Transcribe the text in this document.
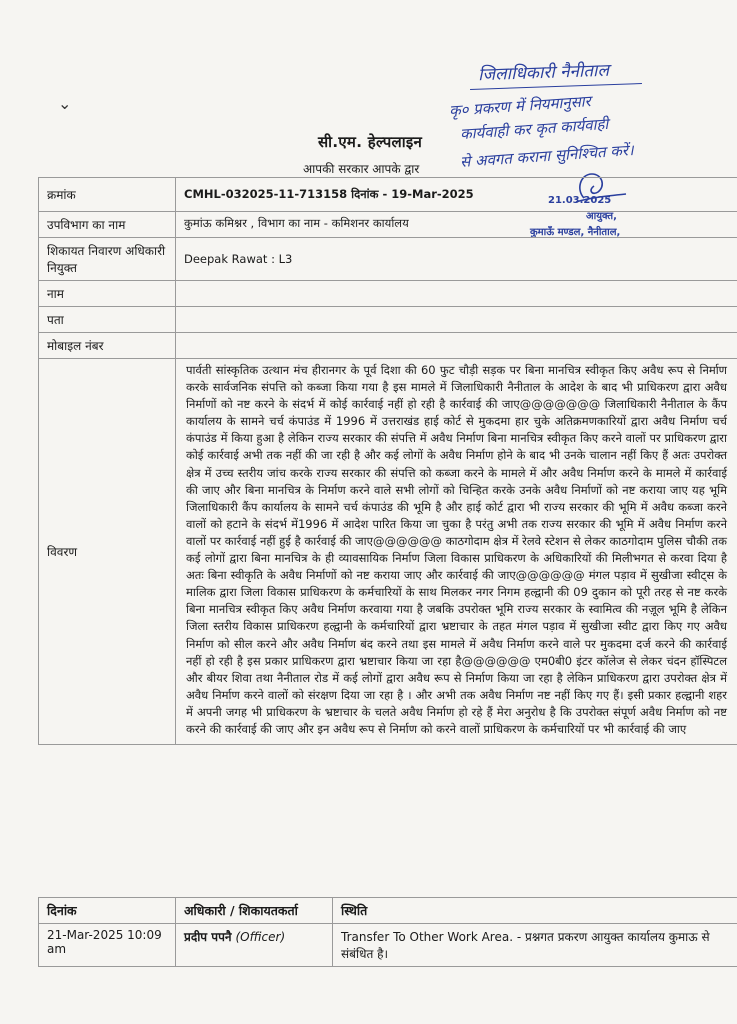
⌄
जिलाधिकारी नैनीताल
कृ० प्रकरण में नियमानुसार
कार्यवाही कर कृत कार्यवाही
से अवगत कराना सुनिश्चित करें।
21.03.2025
आयुक्त,
कुमाऊँ मण्डल, नैनीताल,
सी.एम. हेल्पलाइन
आपकी सरकार आपके द्वार
क्रमांक	CMHL-032025-11-713158 दिनांक - 19-Mar-2025
उपविभाग का नाम	कुमांऊ कमिश्नर , विभाग का नाम - कमिशनर कार्यालय
शिकायत निवारण अधिकारी नियुक्त	Deepak Rawat : L3
नाम	
पता	
मोबाइल नंबर	
विवरण	पार्वती सांस्कृतिक उत्थान मंच हीरानगर के पूर्व दिशा की 60 फुट चौड़ी सड़क पर बिना मानचित्र स्वीकृत किए अवैध रूप से निर्माण करके सार्वजनिक संपत्ति को कब्जा किया गया है इस मामले में जिलाधिकारी नैनीताल के आदेश के बाद भी प्राधिकरण द्वारा अवैध निर्माणों को नष्ट करने के संदर्भ में कोई कार्रवाई नहीं हो रही है कार्रवाई की जाए@@@@@@@ जिलाधिकारी नैनीताल के कैंप कार्यालय के सामने चर्च कंपाउंड में 1996 में उत्तराखंड हाई कोर्ट से मुकदमा हार चुके अतिक्रमणकारियों द्वारा अवैध निर्माण चर्च कंपाउंड में किया हुआ है लेकिन राज्य सरकार की संपत्ति में अवैध निर्माण बिना मानचित्र स्वीकृत किए करने वालों पर प्राधिकरण द्वारा कोई कार्रवाई अभी तक नहीं की जा रही है और कई लोगों के अवैध निर्माण होने के बाद भी उनके चालान नहीं किए हैं अतः उपरोक्त क्षेत्र में उच्च स्तरीय जांच करके राज्य सरकार की संपत्ति को कब्जा करने के मामले में और अवैध निर्माण करने के मामले में कार्रवाई की जाए और बिना मानचित्र के निर्माण करने वाले सभी लोगों को चिन्हित करके उनके अवैध निर्माणों को नष्ट कराया जाए यह भूमि जिलाधिकारी कैंप कार्यालय के सामने चर्च कंपाउंड की भूमि है और हाई कोर्ट द्वारा भी राज्य सरकार की भूमि में अवैध कब्जा करने वालों को हटाने के संदर्भ में1996 में आदेश पारित किया जा चुका है परंतु अभी तक राज्य सरकार की भूमि में अवैध निर्माण करने वालों पर कार्रवाई नहीं हुई है कार्रवाई की जाए@@@@@@ काठगोदाम क्षेत्र में रेलवे स्टेशन से लेकर काठगोदाम पुलिस चौकी तक कई लोगों द्वारा बिना मानचित्र के ही व्यावसायिक निर्माण जिला विकास प्राधिकरण के अधिकारियों की मिलीभगत से करवा दिया है अतः बिना स्वीकृति के अवैध निर्माणों को नष्ट कराया जाए और कार्रवाई की जाए@@@@@@ मंगल पड़ाव में सुखीजा स्वीट्स के मालिक द्वारा जिला विकास प्राधिकरण के कर्मचारियों के साथ मिलकर नगर निगम हल्द्वानी की 09 दुकान को पूरी तरह से नष्ट करके बिना मानचित्र स्वीकृत किए अवैध निर्माण करवाया गया है जबकि उपरोक्त भूमि राज्य सरकार के स्वामित्व की नज़ूल भूमि है लेकिन जिला स्तरीय विकास प्राधिकरण हल्द्वानी के कर्मचारियों द्वारा भ्रष्टाचार के तहत मंगल पड़ाव में सुखीजा स्वीट द्वारा किए गए अवैध निर्माण को सील करने और अवैध निर्माण बंद करने तथा इस मामले में अवैध निर्माण करने वाले पर मुकदमा दर्ज करने की कार्रवाई नहीं हो रही है इस प्रकार प्राधिकरण द्वारा भ्रष्टाचार किया जा रहा है@@@@@@ एम0बी0 इंटर कॉलेज से लेकर चंदन हॉस्पिटल और बीयर शिवा तथा नैनीताल रोड में कई लोगों द्वारा अवैध रूप से निर्माण किया जा रहा है लेकिन प्राधिकरण द्वारा उपरोक्त क्षेत्र में अवैध निर्माण करने वालों को संरक्षण दिया जा रहा है । और अभी तक अवैध निर्माण नष्ट नहीं किए गए हैं। इसी प्रकार हल्द्वानी शहर में अपनी जगह भी प्राधिकरण के भ्रष्टाचार के चलते अवैध निर्माण हो रहे हैं मेरा अनुरोध है कि उपरोक्त संपूर्ण अवैध निर्माण को नष्ट करने की कार्रवाई की जाए और इन अवैध रूप से निर्माण को करने वालों प्राधिकरण के कर्मचारियों पर भी कार्रवाई की जाए
दिनांक	अधिकारी / शिकायतकर्ता	स्थिति
21-Mar-2025 10:09 am	प्रदीप पपनै (Officer)	Transfer To Other Work Area. - प्रश्नगत प्रकरण आयुक्त कार्यालय कुमाऊ से संबंधित है।
